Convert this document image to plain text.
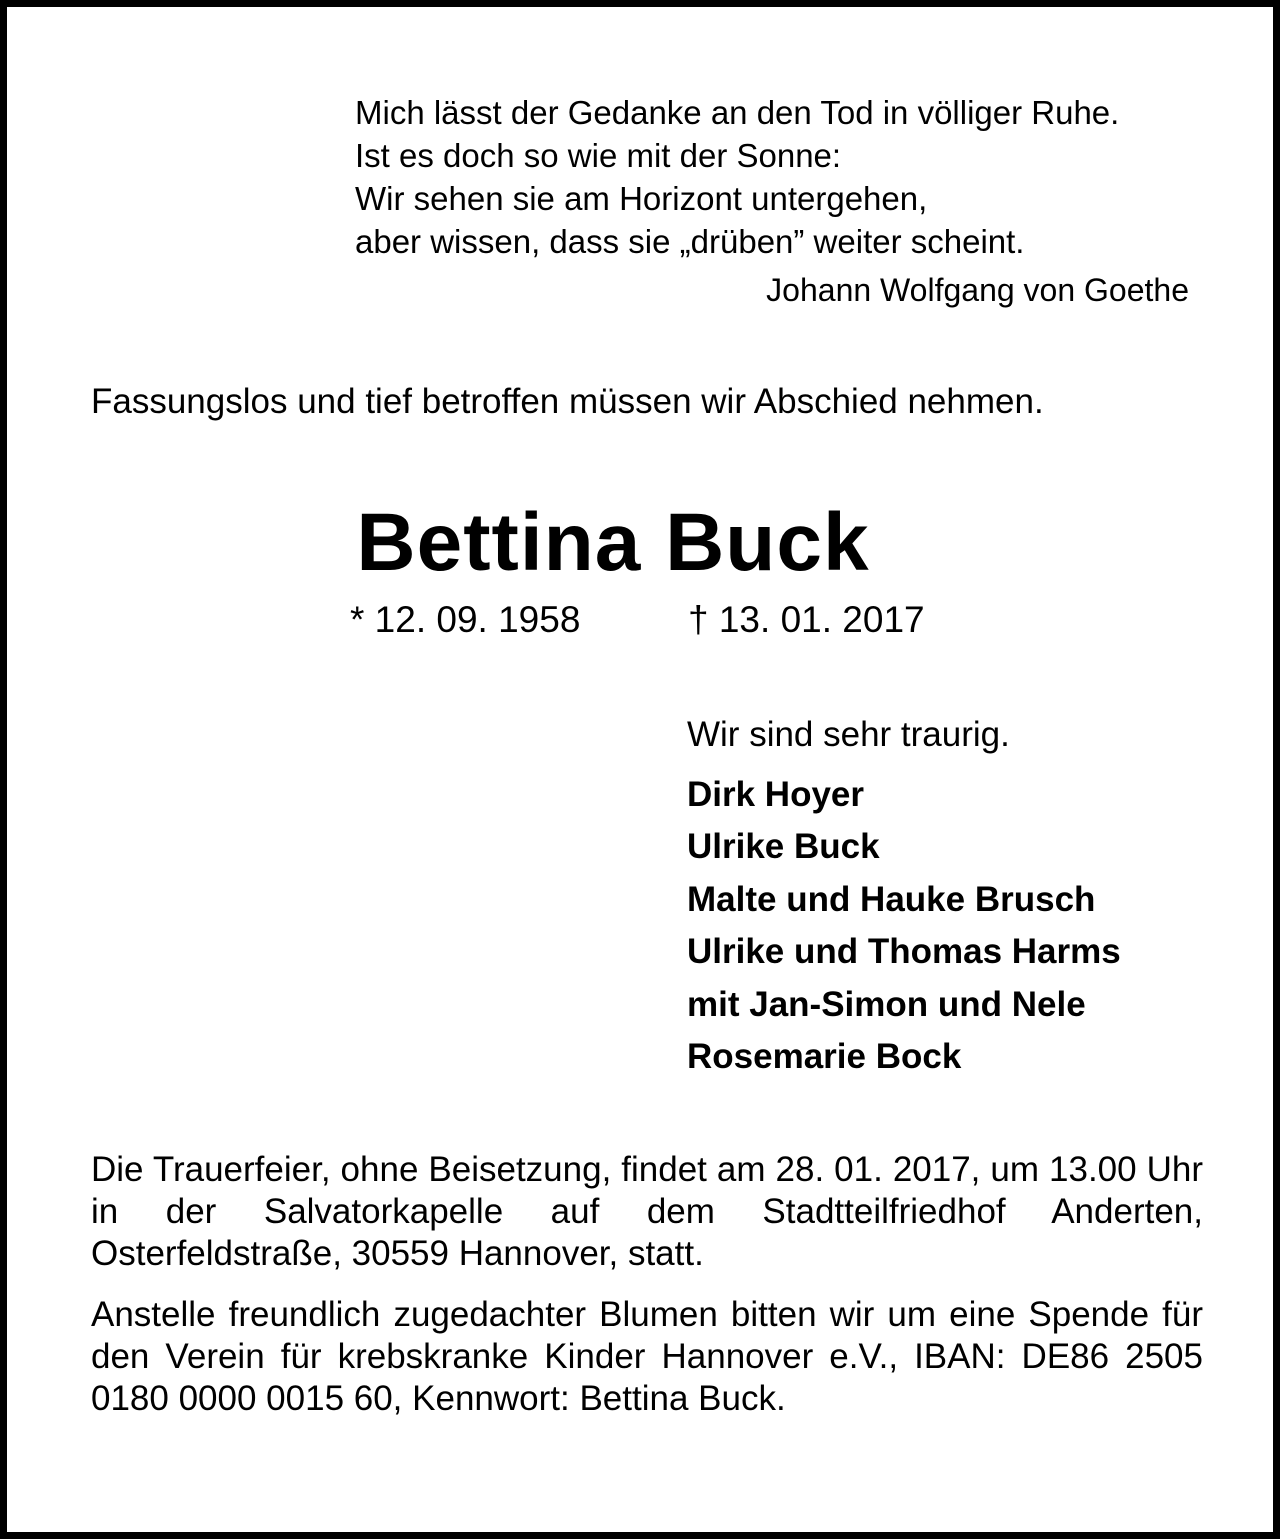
Mich lässt der Gedanke an den Tod in völliger Ruhe.
Ist es doch so wie mit der Sonne:
Wir sehen sie am Horizont untergehen,
aber wissen, dass sie „drüben” weiter scheint.
Johann Wolfgang von Goethe
Fassungslos und tief betroffen müssen wir Abschied nehmen.
Bettina Buck
* 12. 09. 1958	† 13. 01. 2017
Wir sind sehr traurig.
Dirk Hoyer
Ulrike Buck
Malte und Hauke Brusch
Ulrike und Thomas Harms
mit Jan-Simon und Nele
Rosemarie Bock
Die Trauerfeier, ohne Beisetzung, findet am 28. 01. 2017, um 13.00 Uhr in der Salvatorkapelle auf dem Stadtteilfriedhof Anderten, Osterfeldstraße, 30559 Hannover, statt.
Anstelle freundlich zugedachter Blumen bitten wir um eine Spende für den Verein für krebskranke Kinder Hannover e.V., IBAN: DE86 2505 0180 0000 0015 60, Kennwort: Bettina Buck.
